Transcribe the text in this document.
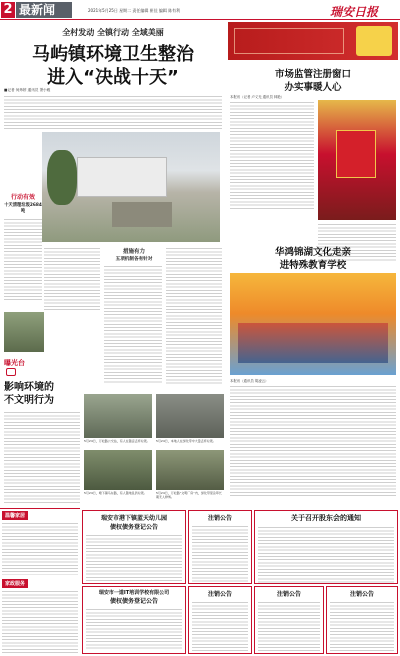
2 最新闻	2021年5月25日 星期二 责任编辑 崔佳 编辑 陈有利	瑞安日报
全村发动 全镇行动 全域美丽
马屿镇环境卫生整治
进入“决战十天”
■记者 何炜婷 通讯员 萧小雅
行动有效
十天清理垃圾2684吨
措施有力
五项机制各有针对
曝光台
影响环境的
不文明行为
5月24日，万松路公交站，有人在随意丢弃垃圾。	5月24日，本地人在绿化带中大量丢弃垃圾。
5月24日，塘下镇马东路，有人随地乱扔垃圾。	5月24日，万松路“文明厂房”内，绿化带里杂草长期无人修剪。
市场监管注册窗口
办实事暖人心
本报讯（记者 卢义光 通讯员 林艳）
华鸿锦湖文化走亲
进特殊教育学校
本报讯（通讯员 胡凌云）
温馨家居
家政服务
瑞安市港下镇蓝天幼儿园
债权债务登记公告
注销公告	关于召开股东会的通知
瑞安市一道IT培训学校有限公司
债权债务登记公告
注销公告	注销公告	注销公告
